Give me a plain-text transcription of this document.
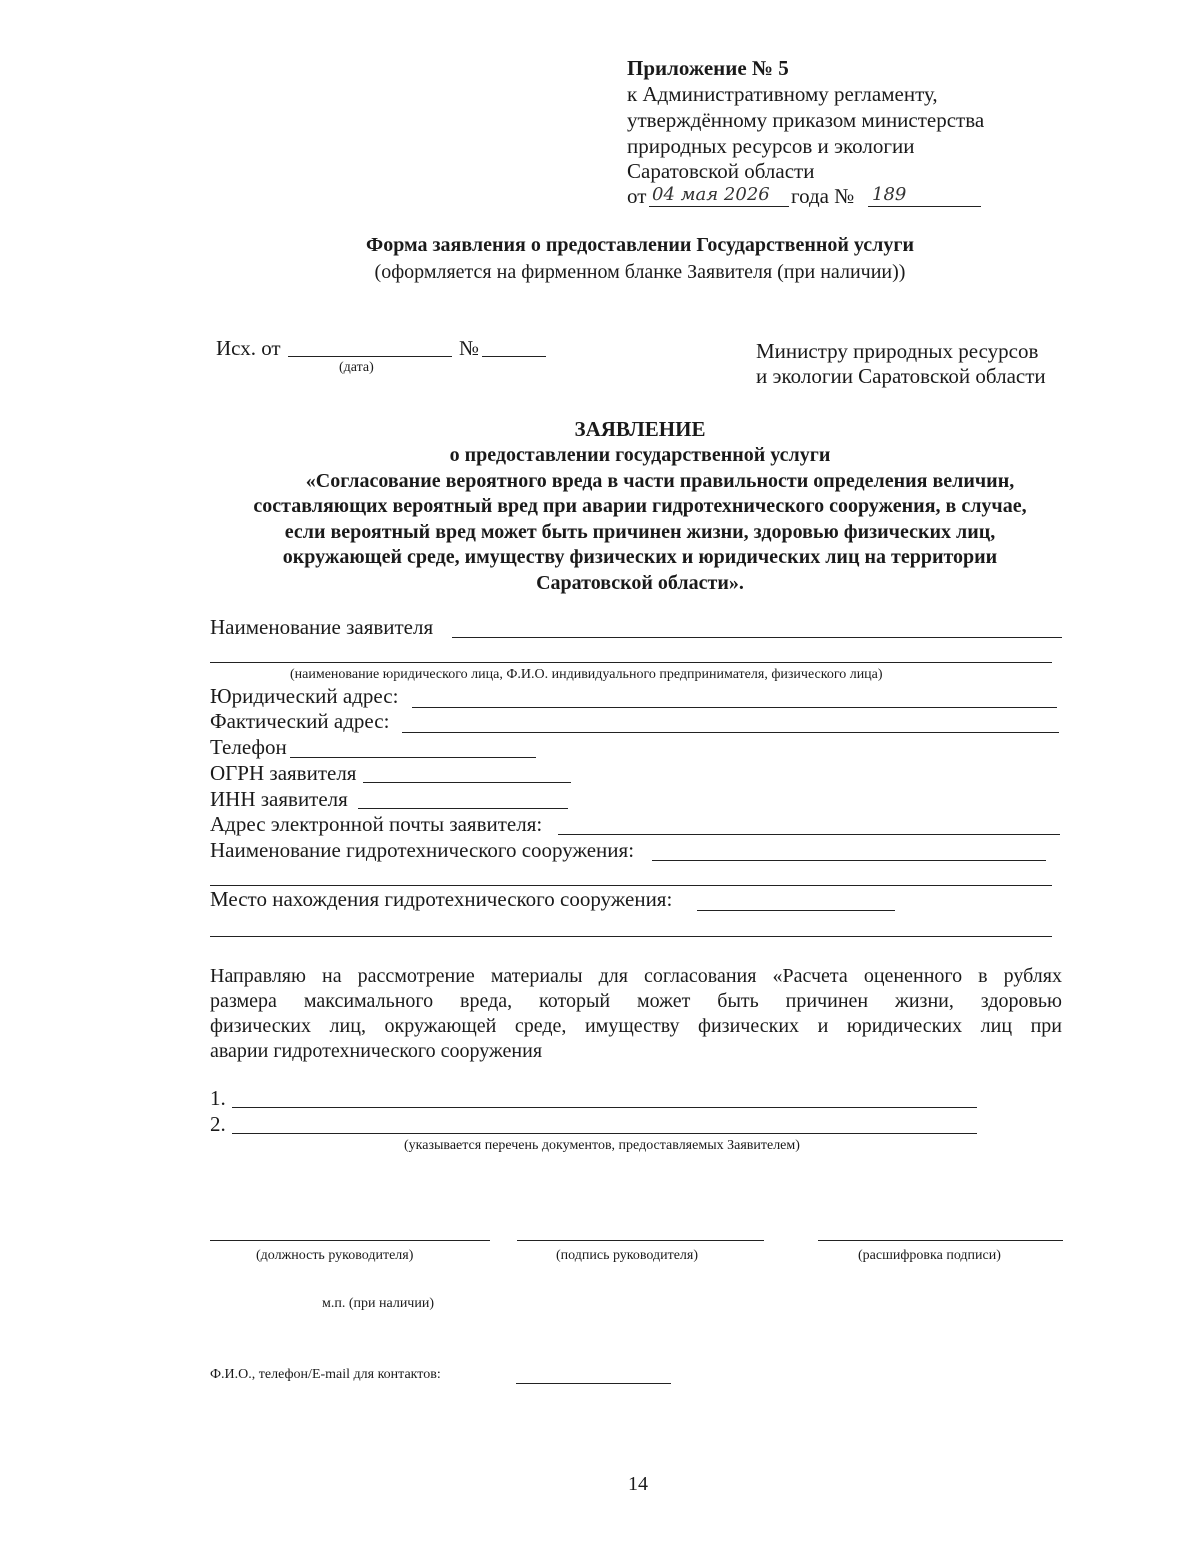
Приложение № 5
к Административному регламенту,
утверждённому приказом министерства
природных ресурсов и экологии
Саратовской области
от 04 мая 2026 года № 189
Форма заявления о предоставлении Государственной услуги
(оформляется на фирменном бланке Заявителя (при наличии))
Исх. от	№
(дата)
Министру природных ресурсов
и экологии Саратовской области
ЗАЯВЛЕНИЕ
о предоставлении государственной услуги
«Согласование вероятного вреда в части правильности определения величин,
составляющих вероятный вред при аварии гидротехнического сооружения, в случае,
если вероятный вред может быть причинен жизни, здоровью физических лиц,
окружающей среде, имуществу физических и юридических лиц на территории
Саратовской области».
Наименование заявителя
(наименование юридического лица, Ф.И.О. индивидуального предпринимателя, физического лица)
Юридический адрес:
Фактический адрес:
Телефон
ОГРН заявителя
ИНН заявителя
Адрес электронной почты заявителя:
Наименование гидротехнического сооружения:
Место нахождения гидротехнического сооружения:
Направляю на рассмотрение материалы для согласования «Расчета оцененного в рублях
размера максимального вреда, который может быть причинен жизни, здоровью
физических лиц, окружающей среде, имуществу физических и юридических лиц при
аварии гидротехнического сооружения
1.
2.
(указывается перечень документов, предоставляемых Заявителем)
(должность руководителя)	(подпись руководителя)	(расшифровка подписи)
м.п. (при наличии)
Ф.И.О., телефон/E-mail для контактов:
14
